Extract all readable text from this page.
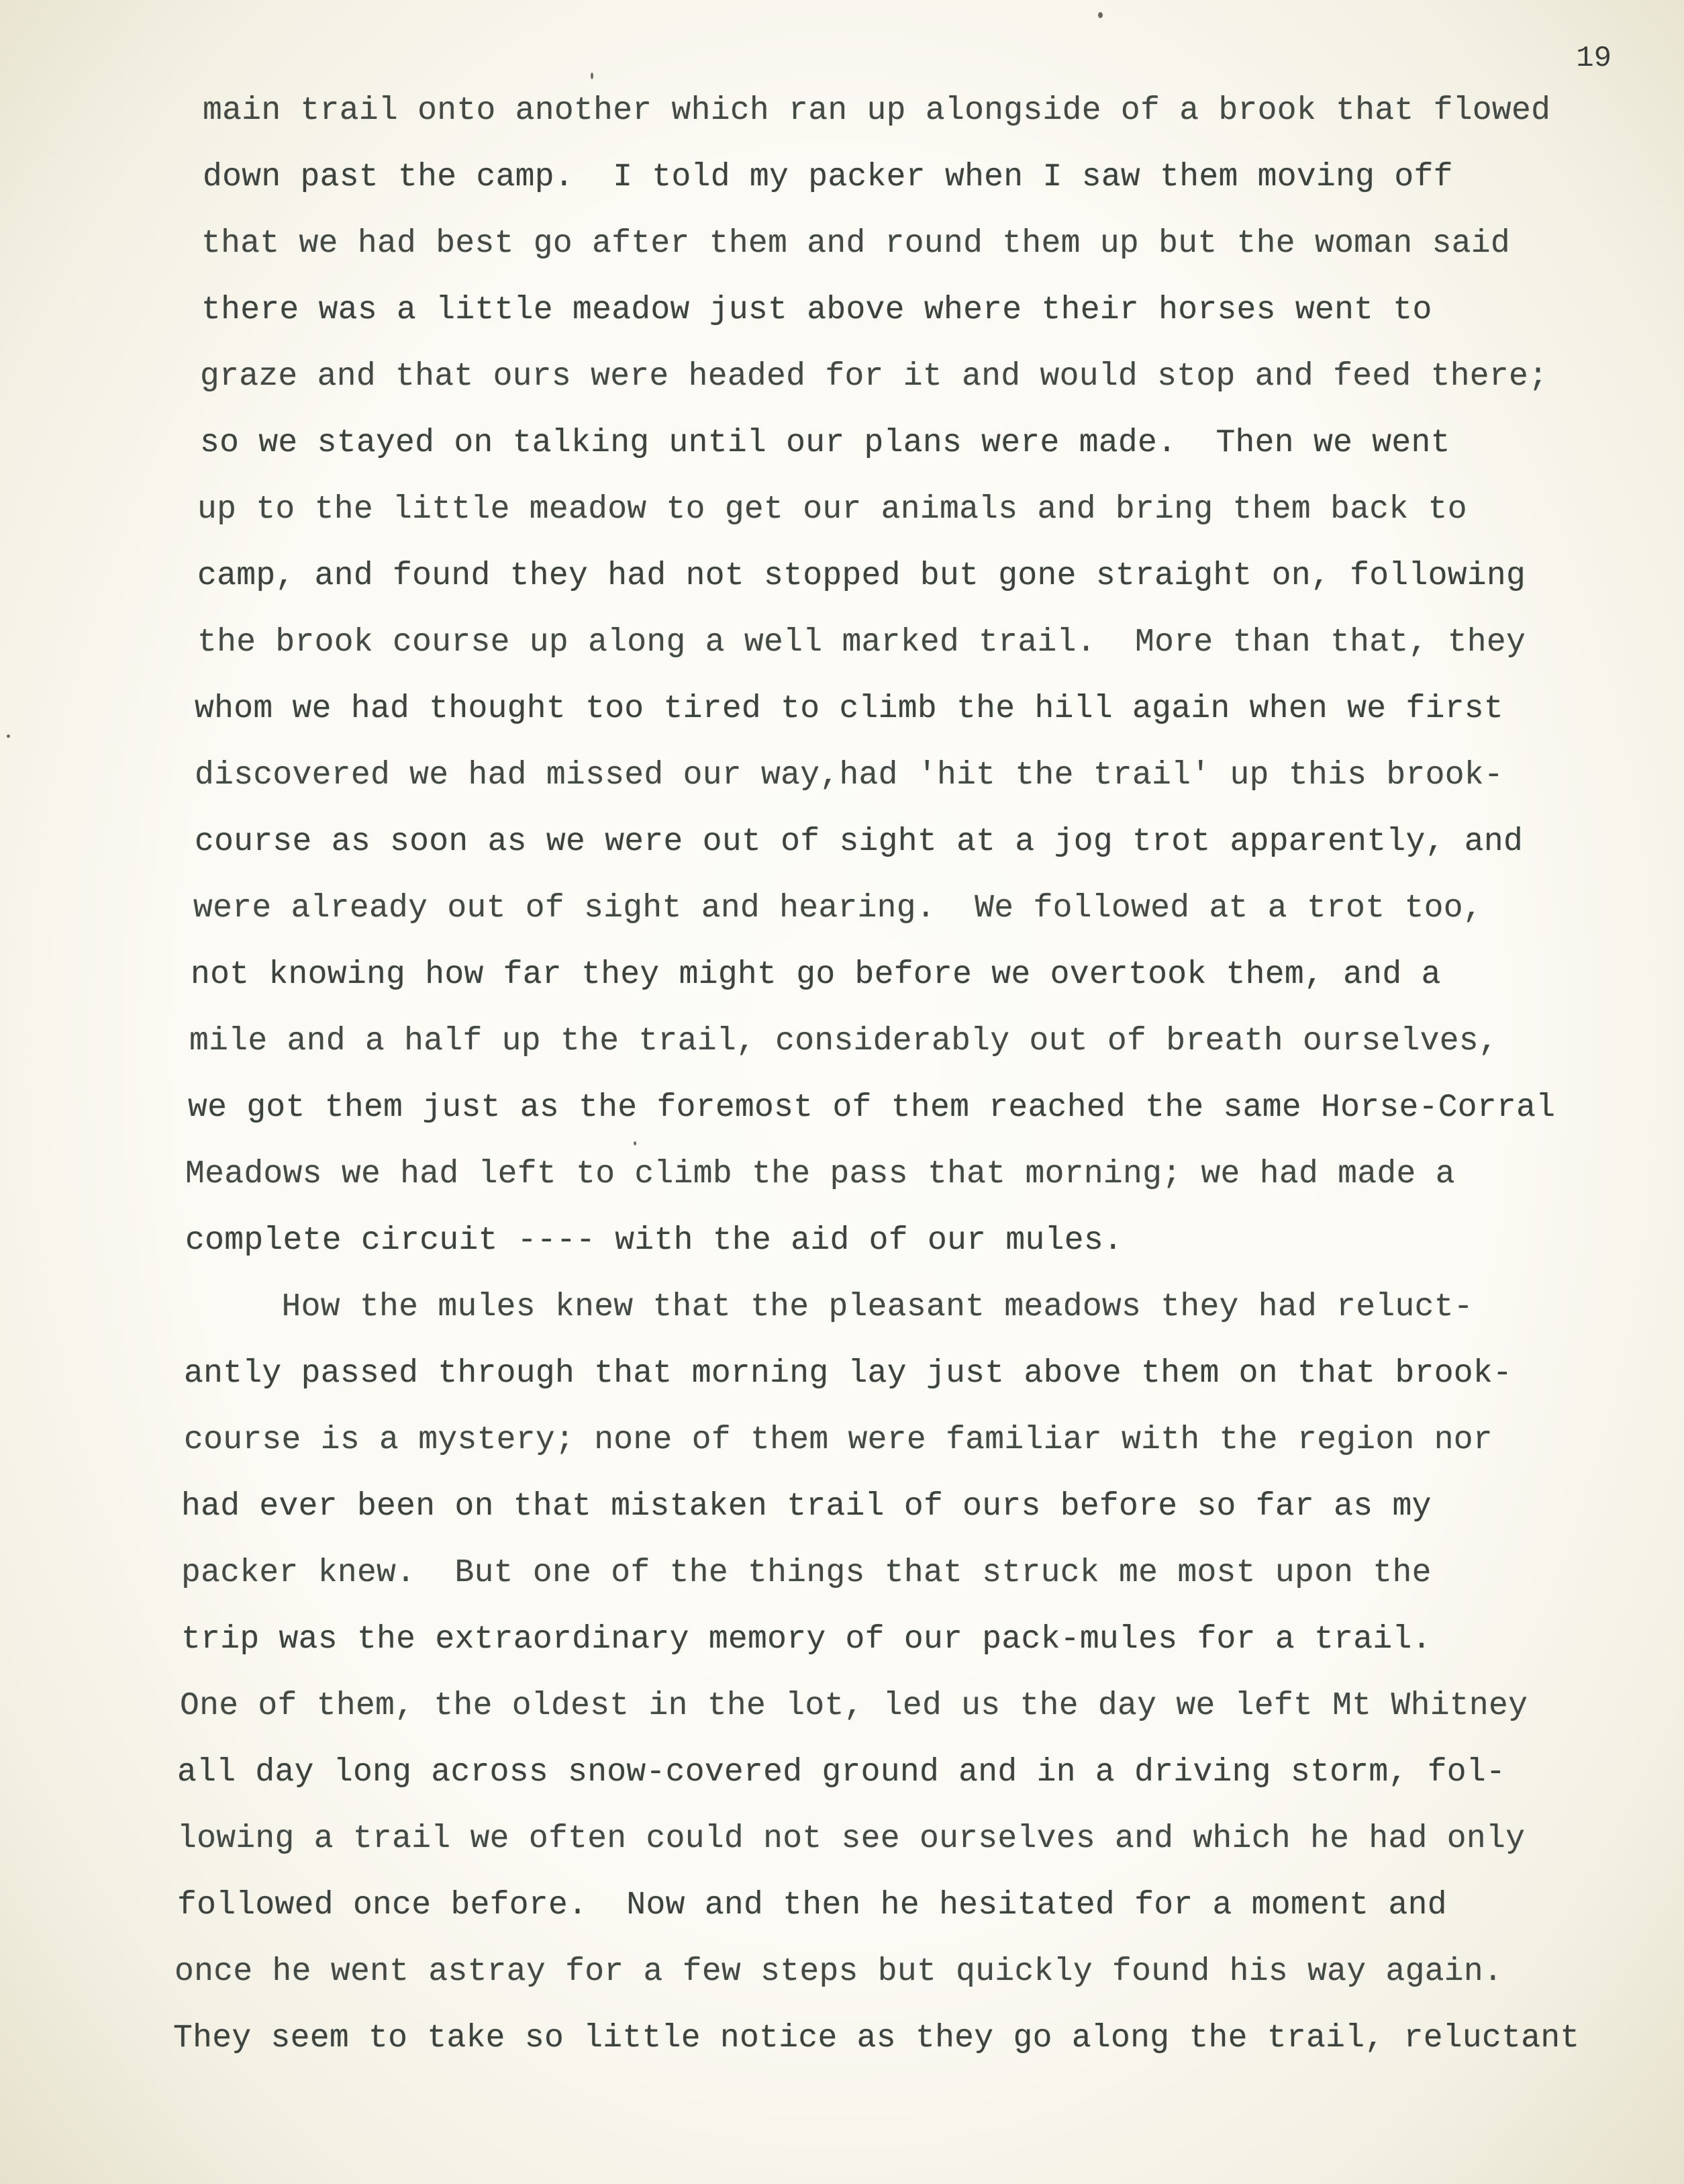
19

main trail onto another which ran up alongside of a brook that flowed

down past the camp.  I told my packer when I saw them moving off

that we had best go after them and round them up but the woman said

there was a little meadow just above where their horses went to

graze and that ours were headed for it and would stop and feed there;

so we stayed on talking until our plans were made.  Then we went

up to the little meadow to get our animals and bring them back to

camp, and found they had not stopped but gone straight on, following

the brook course up along a well marked trail.  More than that, they

whom we had thought too tired to climb the hill again when we first

discovered we had missed our way,had 'hit the trail' up this brook-

course as soon as we were out of sight at a jog trot apparently, and

were already out of sight and hearing.  We followed at a trot too,

not knowing how far they might go before we overtook them, and a

mile and a half up the trail, considerably out of breath ourselves,

we got them just as the foremost of them reached the same Horse-Corral

Meadows we had left to climb the pass that morning; we had made a

complete circuit ---- with the aid of our mules.

How the mules knew that the pleasant meadows they had reluct-

antly passed through that morning lay just above them on that brook-

course is a mystery; none of them were familiar with the region nor

had ever been on that mistaken trail of ours before so far as my

packer knew.  But one of the things that struck me most upon the

trip was the extraordinary memory of our pack-mules for a trail.

One of them, the oldest in the lot, led us the day we left Mt Whitney

all day long across snow-covered ground and in a driving storm, fol-

lowing a trail we often could not see ourselves and which he had only

followed once before.  Now and then he hesitated for a moment and

once he went astray for a few steps but quickly found his way again.

They seem to take so little notice as they go along the trail, reluctant
